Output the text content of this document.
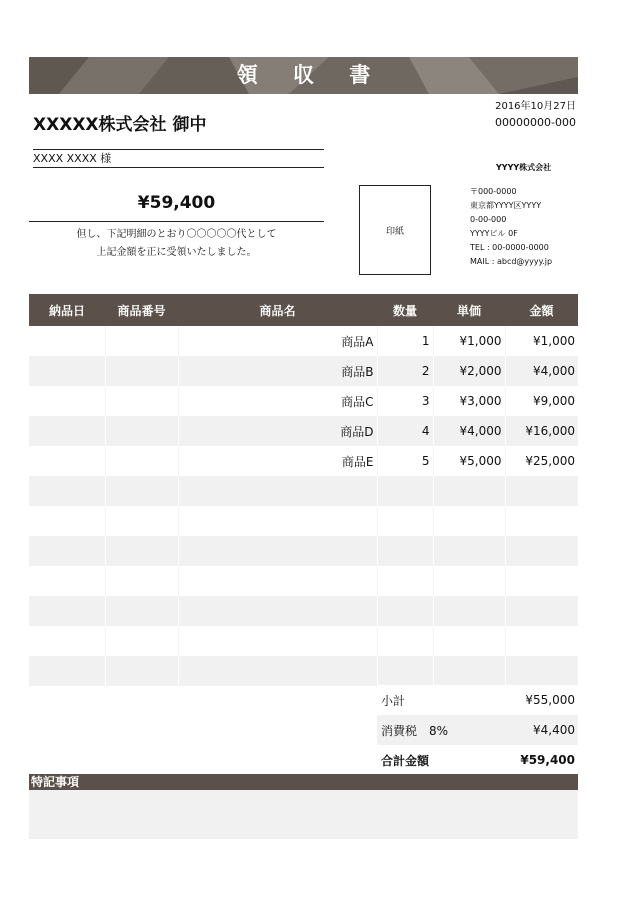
領 収 書
2016年10月27日
00000000-000
XXXXX株式会社 御中
XXXX XXXX 様
¥59,400
但し、下記明細のとおり〇〇〇〇〇代として
上記金額を正に受領いたしました。
印紙
YYYY株式会社
〒000-0000
東京都YYYY区YYYY
0-00-000
YYYYビル 0F
TEL : 00-0000-0000
MAIL : abcd@yyyy.jp
納品日	商品番号	商品名	数量	単価	金額
		商品A	1	¥1,000	¥1,000
		商品B	2	¥2,000	¥4,000
		商品C	3	¥3,000	¥9,000
		商品D	4	¥4,000	¥16,000
		商品E	5	¥5,000	¥25,000

小計	¥55,000
消費税　8%	¥4,400
合計金額	¥59,400
特記事項
